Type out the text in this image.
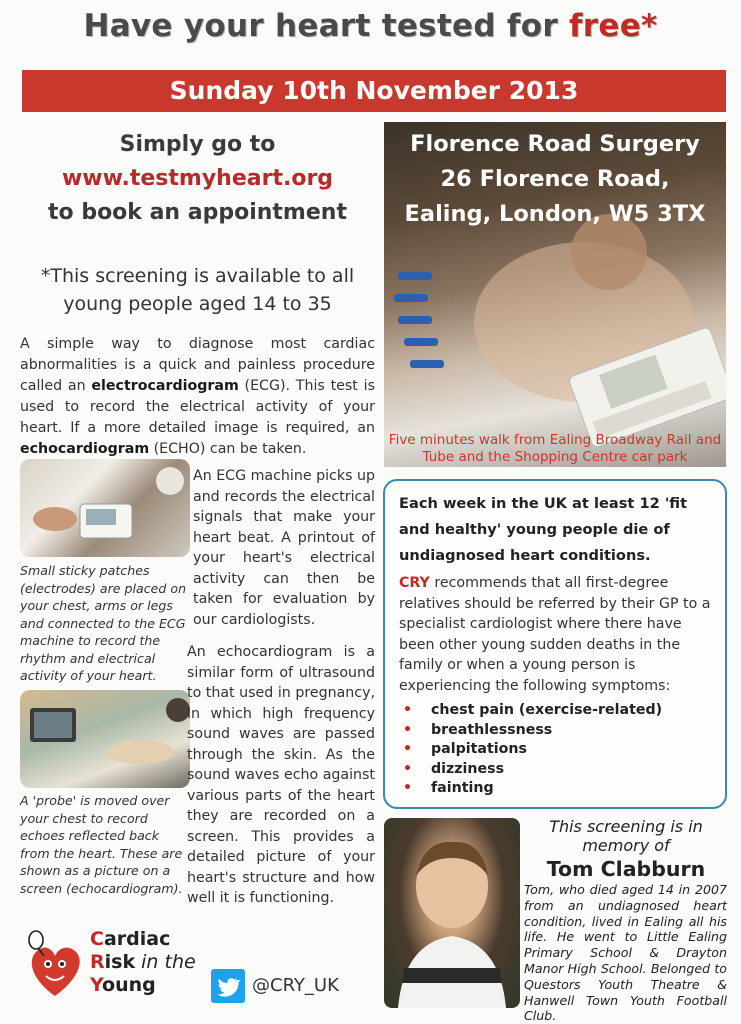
Have your heart tested for free*
Sunday 10th November 2013
Simply go to
www.testmyheart.org
to book an appointment
*This screening is available to all
young people aged 14 to 35
A simple way to diagnose most cardiac abnormalities is a quick and painless procedure called an electrocardiogram (ECG). This test is used to record the electrical activity of your heart. If a more detailed image is required, an echocardiogram (ECHO) can be taken.
Small sticky patches (electrodes) are placed on your chest, arms or legs and connected to the ECG machine to record the rhythm and electrical activity of your heart.
An ECG machine picks up and records the electrical signals that make your heart beat. A printout of your heart's electrical activity can then be taken for evaluation by our cardiologists.
A 'probe' is moved over your chest to record echoes reflected back from the heart. These are shown as a picture on a screen (echocardiogram).
An echocardiogram is a similar form of ultrasound to that used in pregnancy, in which high frequency sound waves are passed through the skin. As the sound waves echo against various parts of the heart they are recorded on a screen. This provides a detailed picture of your heart's structure and how well it is functioning.
Florence Road Surgery
26 Florence Road,
Ealing, London, W5 3TX
Five minutes walk from Ealing Broadway Rail and Tube and the Shopping Centre car park
Each week in the UK at least 12 'fit and healthy' young people die of undiagnosed heart conditions.
CRY recommends that all first-degree relatives should be referred by their GP to a specialist cardiologist where there have been other young sudden deaths in the family or when a young person is experiencing the following symptoms:
• chest pain (exercise-related)
• breathlessness
• palpitations
• dizziness
• fainting
This screening is in memory of
Tom Clabburn
Tom, who died aged 14 in 2007 from an undiagnosed heart condition, lived in Ealing all his life. He went to Little Ealing Primary School & Drayton Manor High School. Belonged to Questors Youth Theatre & Hanwell Town Youth Football Club.
Cardiac
Risk in the
Young	@CRY_UK
